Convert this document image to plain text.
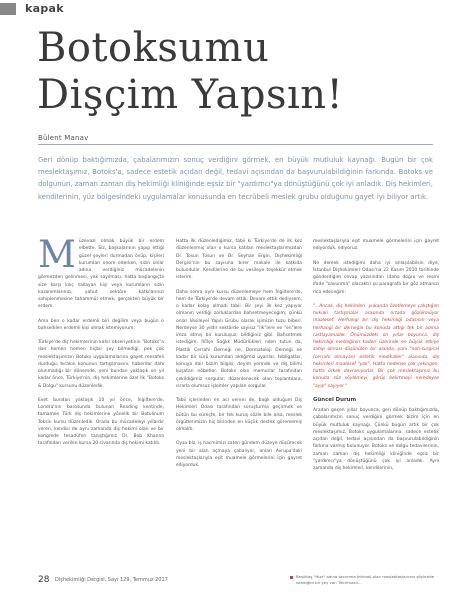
kapak
Botoksumu
Dişçim Yapsın!
Bülent Manav
Geri dönüp baktığımızda, çabalarımızın sonuç verdiğini görmek, en büyük mutluluk kaynağı. Bugün bir çok meslektaşımız, Botoks'a, sadece estetik açıdan değil, tedavi açısından da başvurulabildiğinin farkında. Botoks ve dolgunun, zaman zaman diş hekimliği kliniğinde eşsiz bir "yardımcı"ya dönüştüğünü çok iyi anladık. Diş hekimleri, kendilerinin, yüz bölgesindeki uygulamalar konusunda en tecrübeli meslek grubu olduğunu gayet iyi biliyor artık.
M üzevazi olmak büyük bir erdem elbette. Siz, başkalarının yapıp ettiği güzel şeyleri durmadan övüp, kişileri kurumları onore ederken, sizin onlar adına verdiğiniz mücadelenin görmezden gelinmesi, yok sayılması, hatta başlangıçta size karşı kılıç sallayan kişi veya kurumların sizin kazanımlarınızı, yahut sektöre katkılarınızı sahiplenmesine tahammül etmek, gerçekten büyük bir erdem.

Ama ben o kadar erdemli biri değilim veya bugün o bahsedilen erdemli kişi olmak istemiyorum.

Türkiye'de diş hekimlerinin kahir ekseriyetinin "Botoks"a dair hemen hemen hiçbir şey bilmediği, pek çok meslektaşımızın Botoks uygulamalarına gayet mesafeli durduğu, bırakın konunun tartışılmasını, haberdar dahi olunmadığı bir dönemde, yeni bundan yaklaşık on yıl kadar önce, Türkiye'nin, diş hekimlerine özel ilk "Botoks & Dolgu" kursunu düzenledik.

Evet bundan yaklaşık 10 yıl önce, İngiltere'de, Londra'nın barosunda bulunan Reading kentinde, tamamen Türk diş hekimlerine yönelik bir Botulinum Toksin kursu düzenledik. Orada bu mücadeleyi yıllardır veren, kendisi de aynı zamanda diş hekimi olan ve bir kongrede tesadüfen tanıştığımız Dr. Bob Khanna tarafından verilen kursa 20 civarında diş hekimi katıldı.

Hatta ilk düzenlediğimiz, tabii ki Türkiye'de de ilk kez düzenlenmiş olan o kursa katılan meslektaşlarımızdan Dr. Tosun Tosun ve Dr. Seyhan Ergin, Dişhekimliği Dergisi'nin bu sayısına birer makale ile katkıda bulundular. Kendilerine de bu vesileye teşekkür etmek isterim.

Daha sonra aynı kursu düzenlemeye hem İngiltere'de, hem de Türkiye'de devam ettik. Devam ettik dediysem, o kadar kolay olmadı tabii. Bir şeyi ilk kez yapıyor olmanın verdiği zorluklardan bahsetmeyeceğim; çünkü onlar Vesileyel Yapılı Grubu olarak işimizin tuzu biberi. Nerdeyse 30 yıldır sektörde sayısız "ilk"lere ve "en"lere imza atmış bir kuruluşuz, bildiğiniz gibi. Bahsetmek istediğim, İl/İlçe Sağlık Müdürlükleri nden tutun da, Plastik Cerrahi Derneği ne, Dermatoloji Derneği ne kadar bir sürü kurumdan aldığımız uyarılar, tebligatlar, konuya dair bizim bilgisi, deyim yerinde ve diş bilimi kuşatan nöbetler. Botoks olan memurlar tarafından çekildiğimiz sorgular; düzenlenecek olan toplantılara, ısrarla olumsuz işlemler yapılan sorgular.

Tabii içlerinden en acı vereni de, bağlı olduğum Diş Hekimleri Odası tarafından soruşturma geçirmek ve bütün bu süreçte, bir tek kuruş sözle bile olsa, meslek örgütlerimizin hiç birinden en küçük destek görememiş olmaktı.

Oysa biz, iş hacmimizi zaten gündem düzeye düşürecek yeni bir alan açmaya çabalıyor, onları Avrupa'daki meslektaşlarıyla eşit muamele görmelerini için gayret ediyorduk.

meslektaşlarıyla eşit muamele görmelerini için gayret ediyorduk, ediyoruz.

Ne demek istediğimi daha iyi anlaşılabilsin diye, İstanbul Dişhekimleri Odası'na 22 Kasım 2010 tarihinde gönderdiğim cevap yazısından (daha doğru ve resmi ifade "savunma" olacaktı) şu paragrafa bir göz atmanızı rica edeceğim:

"...Ancak, diş hekimleri, yukarıda özetlemeye çalıştığım hukuki tartışmalar arasında ortada gözükmüyor maalesef. Herhangi bir diş hekimliği odasının veya herhangi bir derneğin bu konuda attığı tek bir adıma rastlayamadık. Önümüzdeki on yıllar boyunca, diş hekimliği mesleğinin kaderi üzerinde en büyük etkiye sahip olması düşünülen bir alanda, yani "non-surgical (cerrahi olmayan) estetik medikaller" alanında, diş hekimleri maalesef "yok". Hatta nedense çok çekingen, hatta ürkek davranıyorlar. Bir çok meslektaşımız bu konuda söz söylemeyi, görüş belirtmeyi neredeyse "ayıp" sayıyor."

Güncel Durum

Aradan geçen yıllar boyunca, geri dönüp baktığımızda, çabalarımızın sonuç verdiğini görmek bizim için en büyük mutluluk kaynağı. Çünkü bugün artık bir çok meslektaşımız, Botoks uygulamalarına, sadece estetik açıdan değil, tedavi açısından da başvurulabildiğinin farkına varmış bulunuyor. Botoks ve dolgu tedavilerinin, zaman zaman diş hekimliği kliniğinde eşsiz bir "yardımcı"ya dönüştüğünü çok iyi anladık. Aynı zamanda diş hekimleri, kendilerinin,

28 Dişhekimliği Dergisi, Sayı 129, Temmuz 2017
Beşiktaş "Hizz" adına tasarıma ihtimali olan meslektaşlarımız şöyleride istediğim bir şey var: Tekrimazir...
